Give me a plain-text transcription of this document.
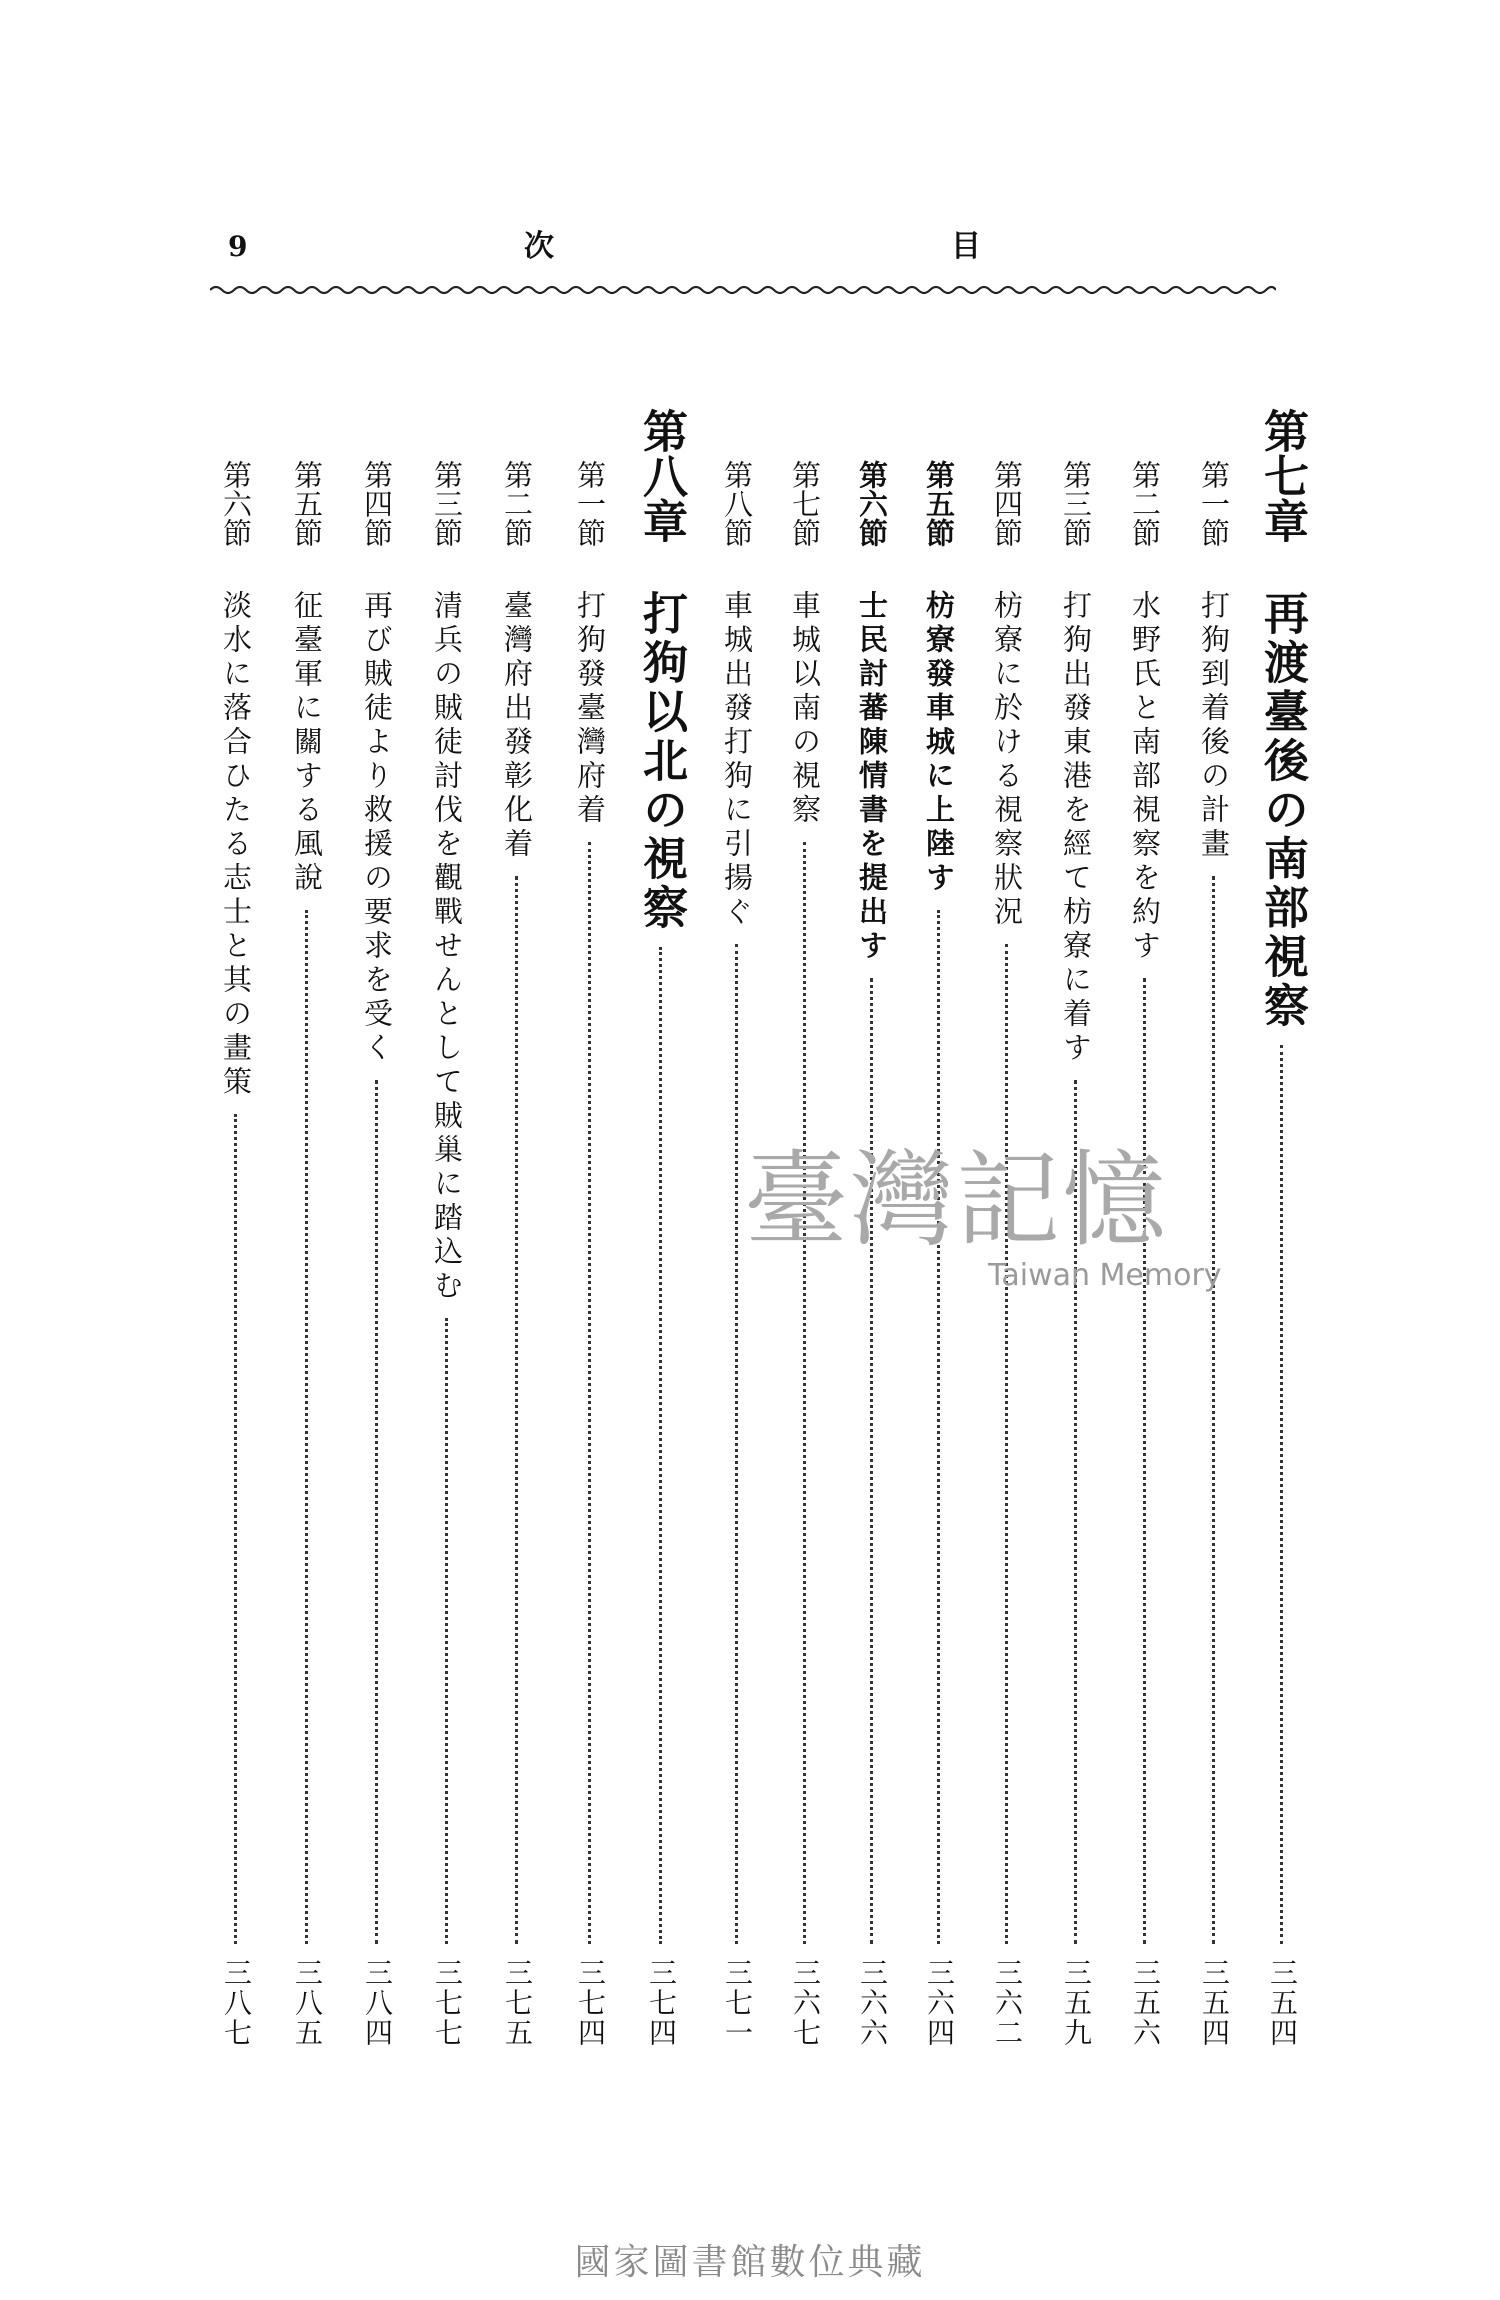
9	次	目
第七章
再渡臺後の南部視察
三五四
第一節
打狗到着後の計畫
三五四
第二節
水野氏と南部視察を約す
三五六
第三節
打狗出發東港を經て枋寮に着す
三五九
第四節
枋寮に於ける視察狀況
三六二
第五節
枋寮發車城に上陸す
三六四
第六節
士民討蕃陳情書を提出す
三六六
第七節
車城以南の視察
三六七
第八節
車城出發打狗に引揚ぐ
三七一
第八章
打狗以北の視察
三七四
第一節
打狗發臺灣府着
三七四
第二節
臺灣府出發彰化着
三七五
第三節
清兵の賊徒討伐を觀戰せんとして賊巢に踏込む
三七七
第四節
再び賊徒より救援の要求を受く
三八四
第五節
征臺軍に關する風說
三八五
第六節
淡水に落合ひたる志士と其の畫策
三八七
臺灣記憶
Taiwan Memory
國家圖書館數位典藏
